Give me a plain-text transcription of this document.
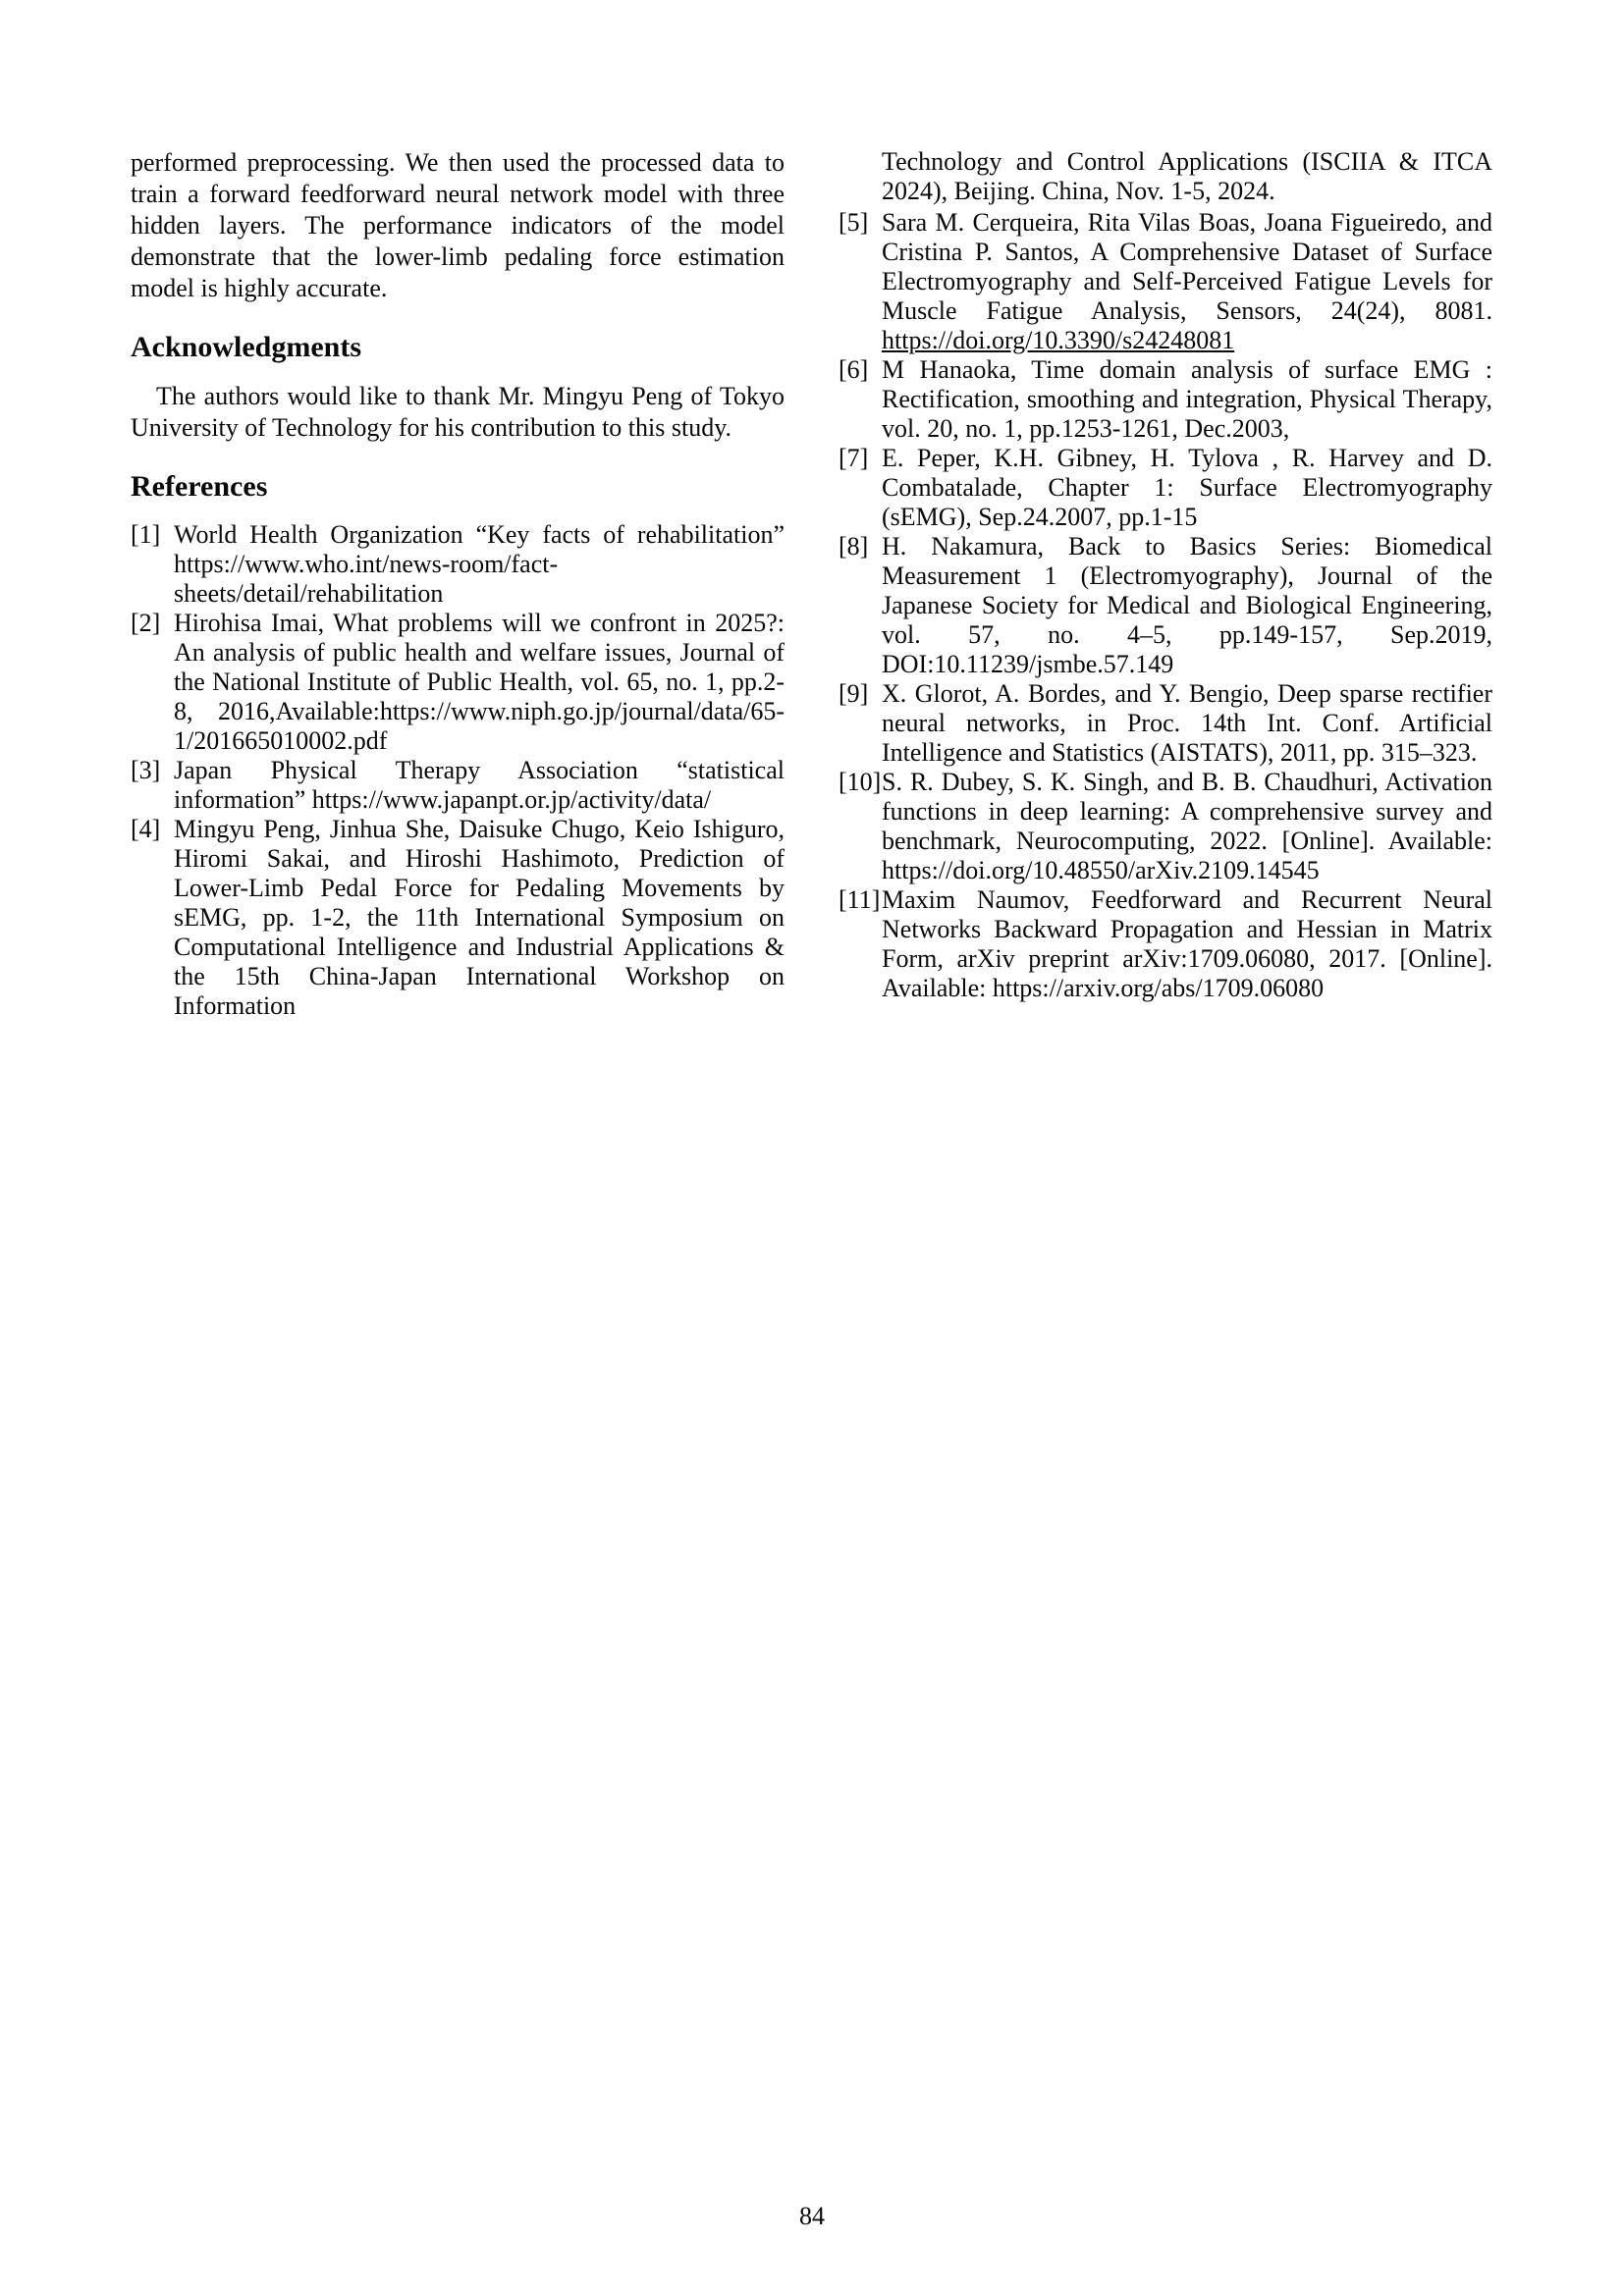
performed preprocessing. We then used the processed data to train a forward feedforward neural network model with three hidden layers. The performance indicators of the model demonstrate that the lower-limb pedaling force estimation model is highly accurate.

Acknowledgments

The authors would like to thank Mr. Mingyu Peng of Tokyo University of Technology for his contribution to this study.

References
[1] World Health Organization “Key facts of rehabilitation” https://www.who.int/news-room/fact-sheets/detail/rehabilitation
[2] Hirohisa Imai, What problems will we confront in 2025?: An analysis of public health and welfare issues, Journal of the National Institute of Public Health, vol. 65, no. 1, pp.2-8, 2016,Available:https://www.niph.go.jp/journal/data/65-1/201665010002.pdf
[3] Japan Physical Therapy Association “statistical information” https://www.japanpt.or.jp/activity/data/
[4] Mingyu Peng, Jinhua She, Daisuke Chugo, Keio Ishiguro, Hiromi Sakai, and Hiroshi Hashimoto, Prediction of Lower-Limb Pedal Force for Pedaling Movements by sEMG, pp. 1-2, the 11th International Symposium on Computational Intelligence and Industrial Applications & the 15th China-Japan International Workshop on Information

Technology and Control Applications (ISCIIA & ITCA 2024), Beijing. China, Nov. 1-5, 2024.

[5] Sara M. Cerqueira, Rita Vilas Boas, Joana Figueiredo, and Cristina P. Santos, A Comprehensive Dataset of Surface Electromyography and Self-Perceived Fatigue Levels for Muscle Fatigue Analysis, Sensors, 24(24), 8081. https://doi.org/10.3390/s24248081
[6] M Hanaoka, Time domain analysis of surface EMG : Rectification, smoothing and integration, Physical Therapy, vol. 20, no. 1, pp.1253-1261, Dec.2003,
[7] E. Peper, K.H. Gibney, H. Tylova , R. Harvey and D. Combatalade, Chapter 1: Surface Electromyography (sEMG), Sep.24.2007, pp.1-15
[8] H. Nakamura, Back to Basics Series: Biomedical Measurement 1 (Electromyography), Journal of the Japanese Society for Medical and Biological Engineering, vol. 57, no. 4–5, pp.149-157, Sep.2019, DOI:10.11239/jsmbe.57.149
[9] X. Glorot, A. Bordes, and Y. Bengio, Deep sparse rectifier neural networks, in Proc. 14th Int. Conf. Artificial Intelligence and Statistics (AISTATS), 2011, pp. 315–323.
[10] S. R. Dubey, S. K. Singh, and B. B. Chaudhuri, Activation functions in deep learning: A comprehensive survey and benchmark, Neurocomputing, 2022. [Online]. Available: https://doi.org/10.48550/arXiv.2109.14545
[11] Maxim Naumov, Feedforward and Recurrent Neural Networks Backward Propagation and Hessian in Matrix Form, arXiv preprint arXiv:1709.06080, 2017. [Online]. Available: https://arxiv.org/abs/1709.06080
84
